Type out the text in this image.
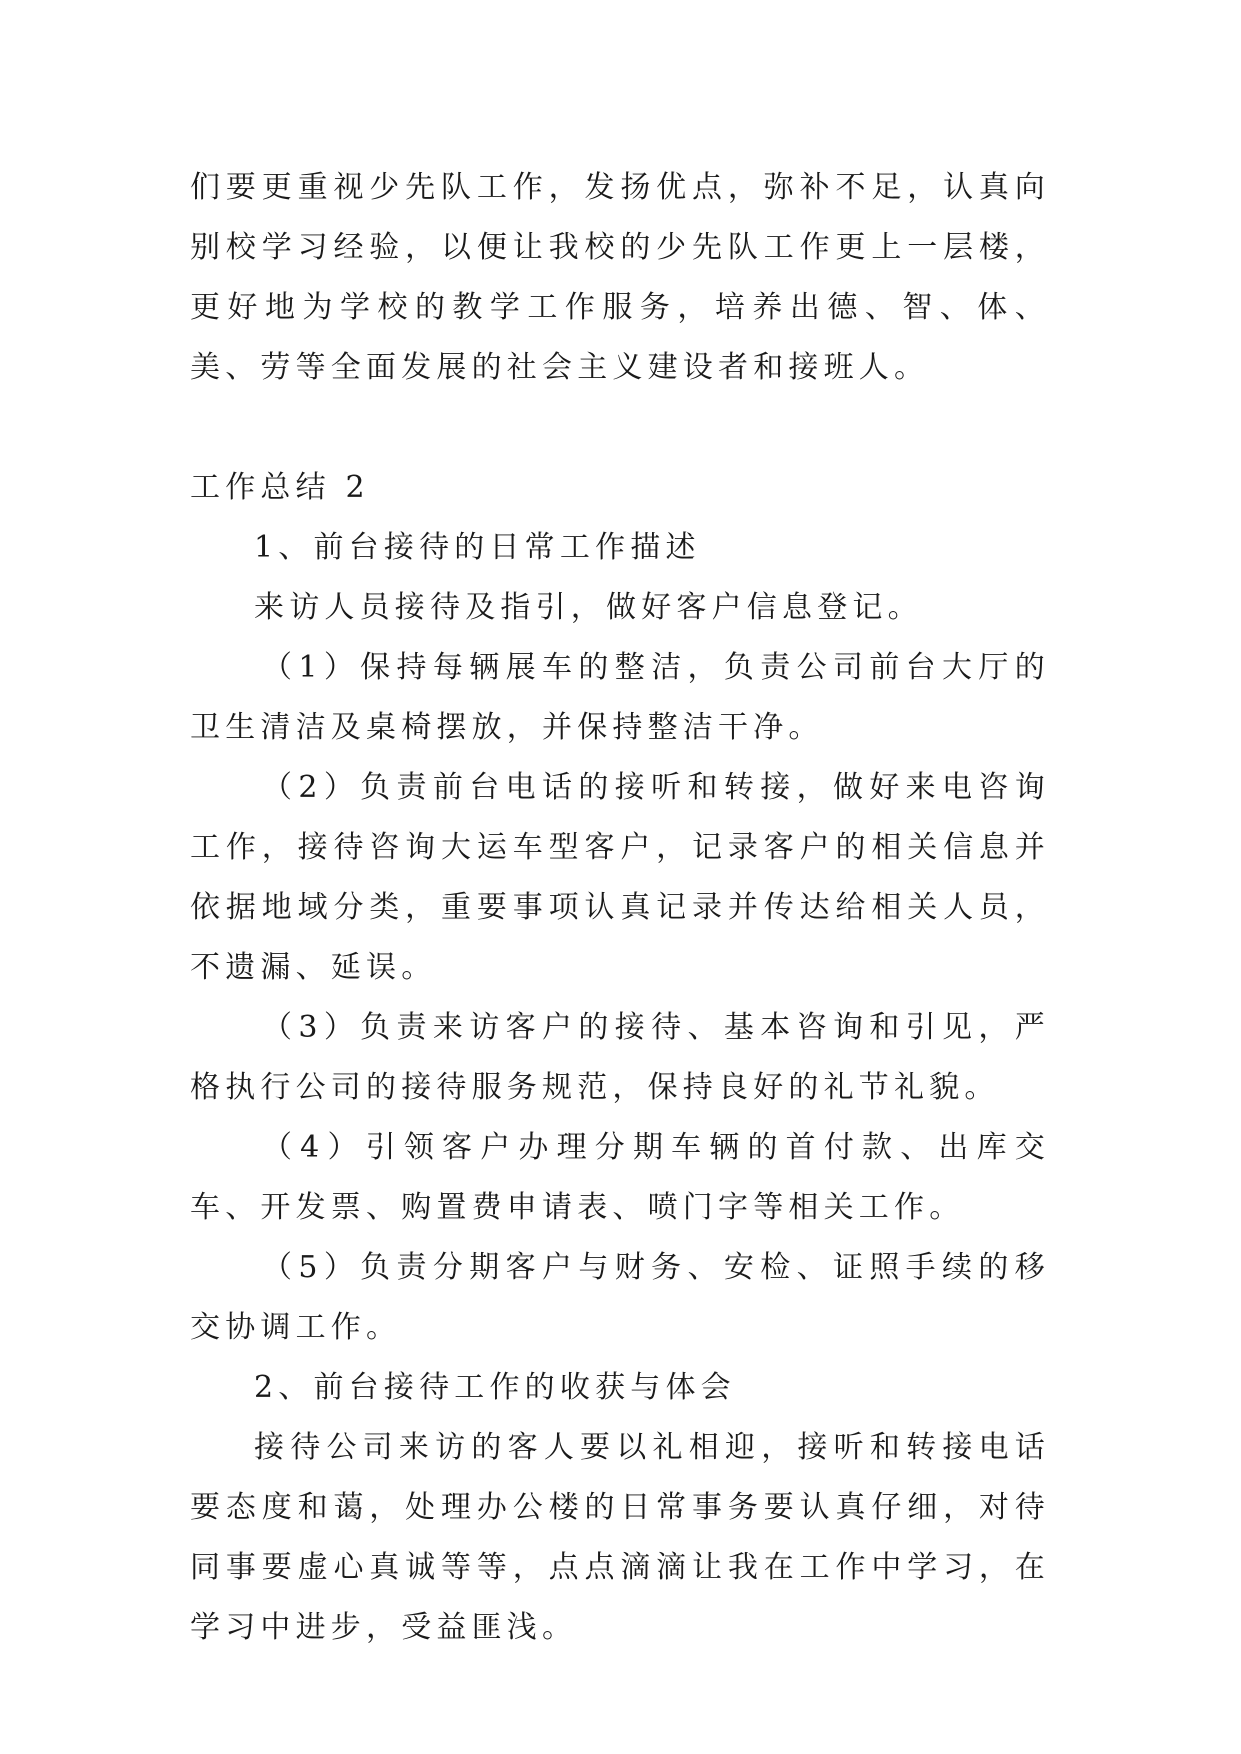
们要更重视少先队工作，发扬优点，弥补不足，认真向别校学习经验，以便让我校的少先队工作更上一层楼，更好地为学校的教学工作服务，培养出德、智、体、美、劳等全面发展的社会主义建设者和接班人。

工作总结 2

1、前台接待的日常工作描述

来访人员接待及指引，做好客户信息登记。

（1）保持每辆展车的整洁，负责公司前台大厅的卫生清洁及桌椅摆放，并保持整洁干净。

（2）负责前台电话的接听和转接，做好来电咨询工作，接待咨询大运车型客户，记录客户的相关信息并依据地域分类，重要事项认真记录并传达给相关人员，不遗漏、延误。

（3）负责来访客户的接待、基本咨询和引见，严格执行公司的接待服务规范，保持良好的礼节礼貌。

（4）引领客户办理分期车辆的首付款、出库交车、开发票、购置费申请表、喷门字等相关工作。

（5）负责分期客户与财务、安检、证照手续的移交协调工作。

2、前台接待工作的收获与体会

接待公司来访的客人要以礼相迎，接听和转接电话要态度和蔼，处理办公楼的日常事务要认真仔细，对待同事要虚心真诚等等，点点滴滴让我在工作中学习，在学习中进步，受益匪浅。
